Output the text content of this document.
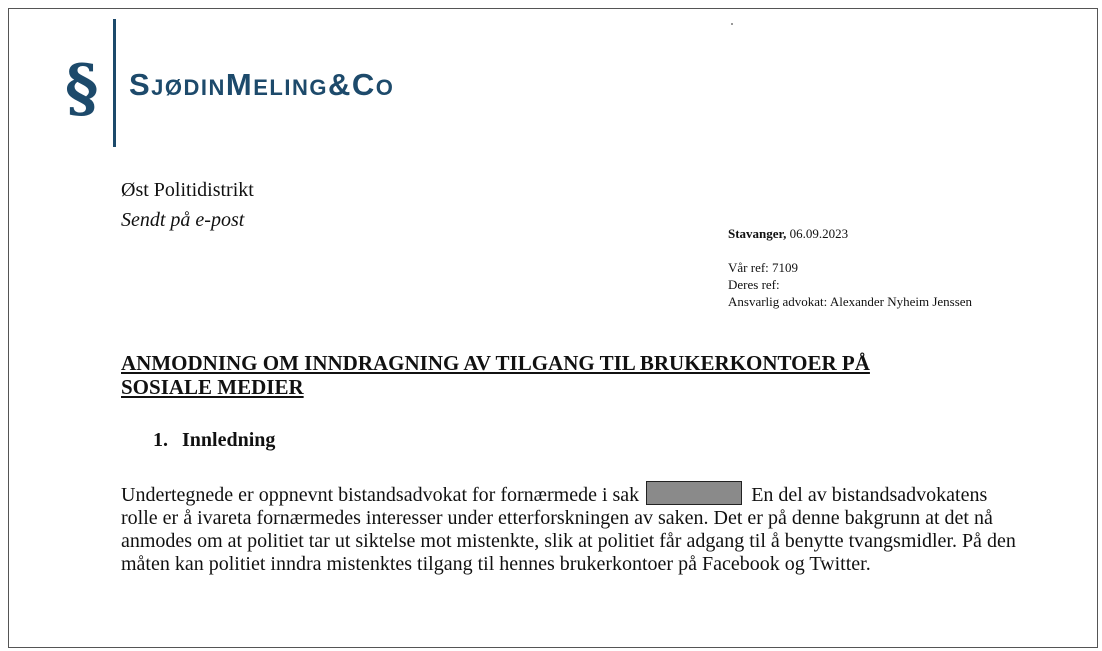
§ SjødinMeling&Co
Øst Politidistrikt
Sendt på e-post
Stavanger, 06.09.2023
Vår ref: 7109
Deres ref:
Ansvarlig advokat: Alexander Nyheim Jenssen
ANMODNING OM INNDRAGNING AV TILGANG TIL BRUKERKONTOER PÅ
SOSIALE MEDIER
1. Innledning
Undertegnede er oppnevnt bistandsadvokat for fornærmede i sak	En del av bistandsadvokatens rolle er å ivareta fornærmedes interesser under etterforskningen av saken. Det er på denne bakgrunn at det nå anmodes om at politiet tar ut siktelse mot mistenkte, slik at politiet får adgang til å benytte tvangsmidler. På den måten kan politiet inndra mistenktes tilgang til hennes brukerkontoer på Facebook og Twitter.
